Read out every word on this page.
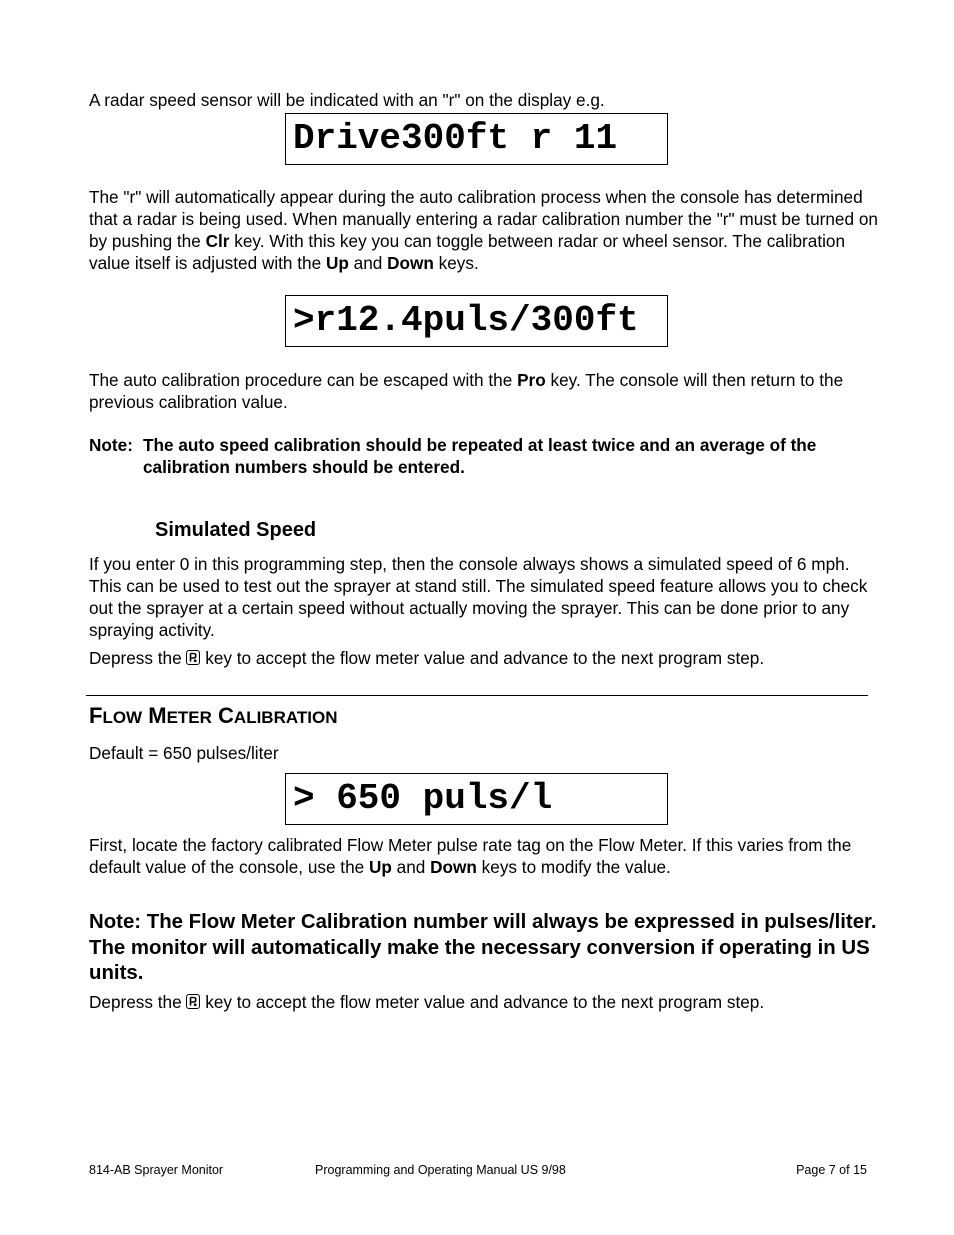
A radar speed sensor will be indicated with an "r" on the display e.g.

Drive300ft r 11

The "r" will automatically appear during the auto calibration process when the console has determined that a radar is being used. When manually entering a radar calibration number the "r" must be turned on by pushing the Clr key. With this key you can toggle between radar or wheel sensor. The calibration value itself is adjusted with the Up and Down keys.

>r12.4puls/300ft

The auto calibration procedure can be escaped with the Pro key. The console will then return to the previous calibration value.

Note: The auto speed calibration should be repeated at least twice and an average of the calibration numbers should be entered.
Simulated Speed

If you enter 0 in this programming step, then the console always shows a simulated speed of 6 mph. This can be used to test out the sprayer at stand still. The simulated speed feature allows you to check out the sprayer at a certain speed without actually moving the sprayer. This can be done prior to any spraying activity.

Depress the
key to accept the flow meter value and advance to the next program step.

FLOW METER CALIBRATION

Default = 650 pulses/liter

> 650 puls/l

First, locate the factory calibrated Flow Meter pulse rate tag on the Flow Meter. If this varies from the default value of the console, use the Up and Down keys to modify the value.

Note: The Flow Meter Calibration number will always be expressed in pulses/liter. The monitor will automatically make the necessary conversion if operating in US units.

Depress the
key to accept the flow meter value and advance to the next program step.

814-AB Sprayer Monitor	Programming and Operating Manual US 9/98	Page 7 of 15
